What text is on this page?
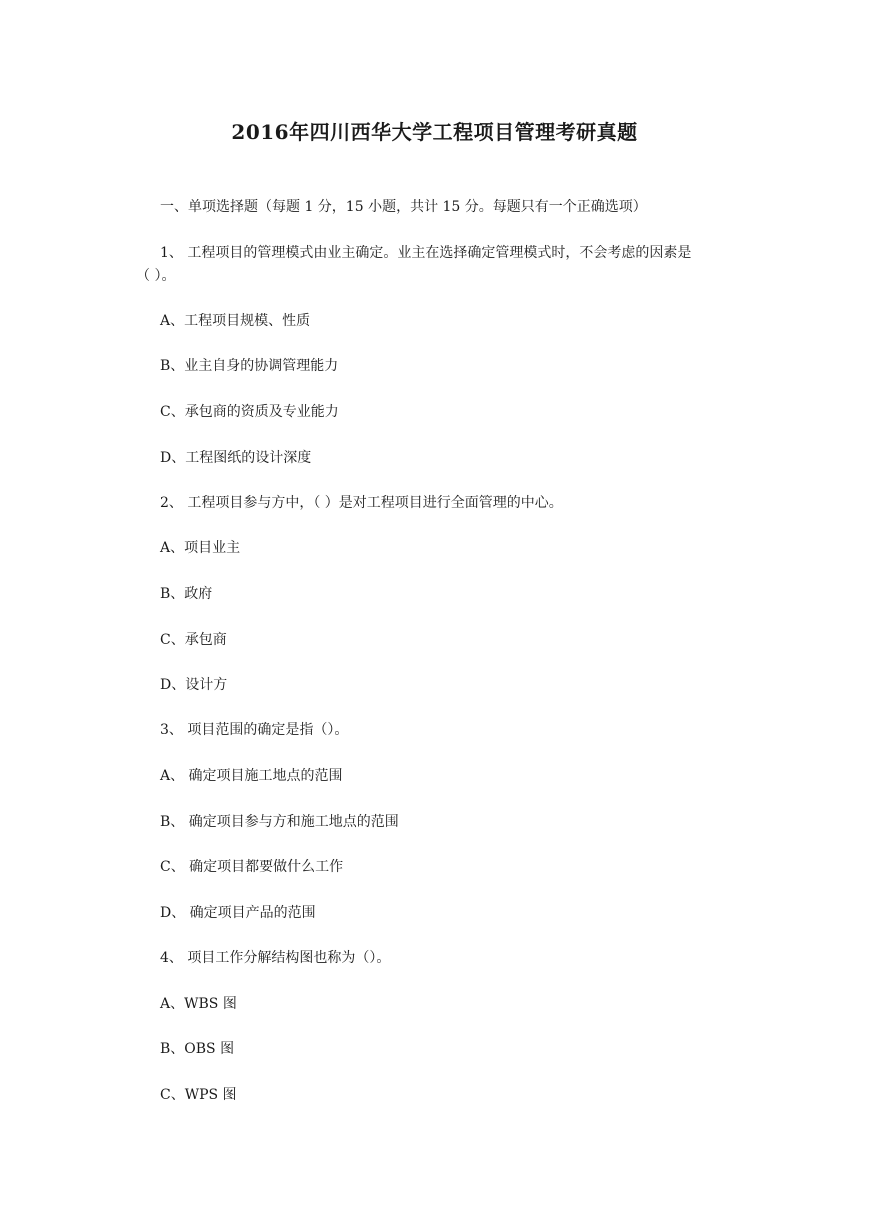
2016年四川西华大学工程项目管理考研真题
一、单项选择题（每题 1 分，15 小题，共计 15 分。每题只有一个正确选项）
1、 工程项目的管理模式由业主确定。业主在选择确定管理模式时，不会考虑的因素是
（ ）。
A、工程项目规模、性质
B、业主自身的协调管理能力
C、承包商的资质及专业能力
D、工程图纸的设计深度
2、 工程项目参与方中，（ ）是对工程项目进行全面管理的中心。
A、项目业主
B、政府
C、承包商
D、设计方
3、 项目范围的确定是指（）。
A、 确定项目施工地点的范围
B、 确定项目参与方和施工地点的范围
C、 确定项目都要做什么工作
D、 确定项目产品的范围
4、 项目工作分解结构图也称为（）。
A、WBS 图
B、OBS 图
C、WPS 图
